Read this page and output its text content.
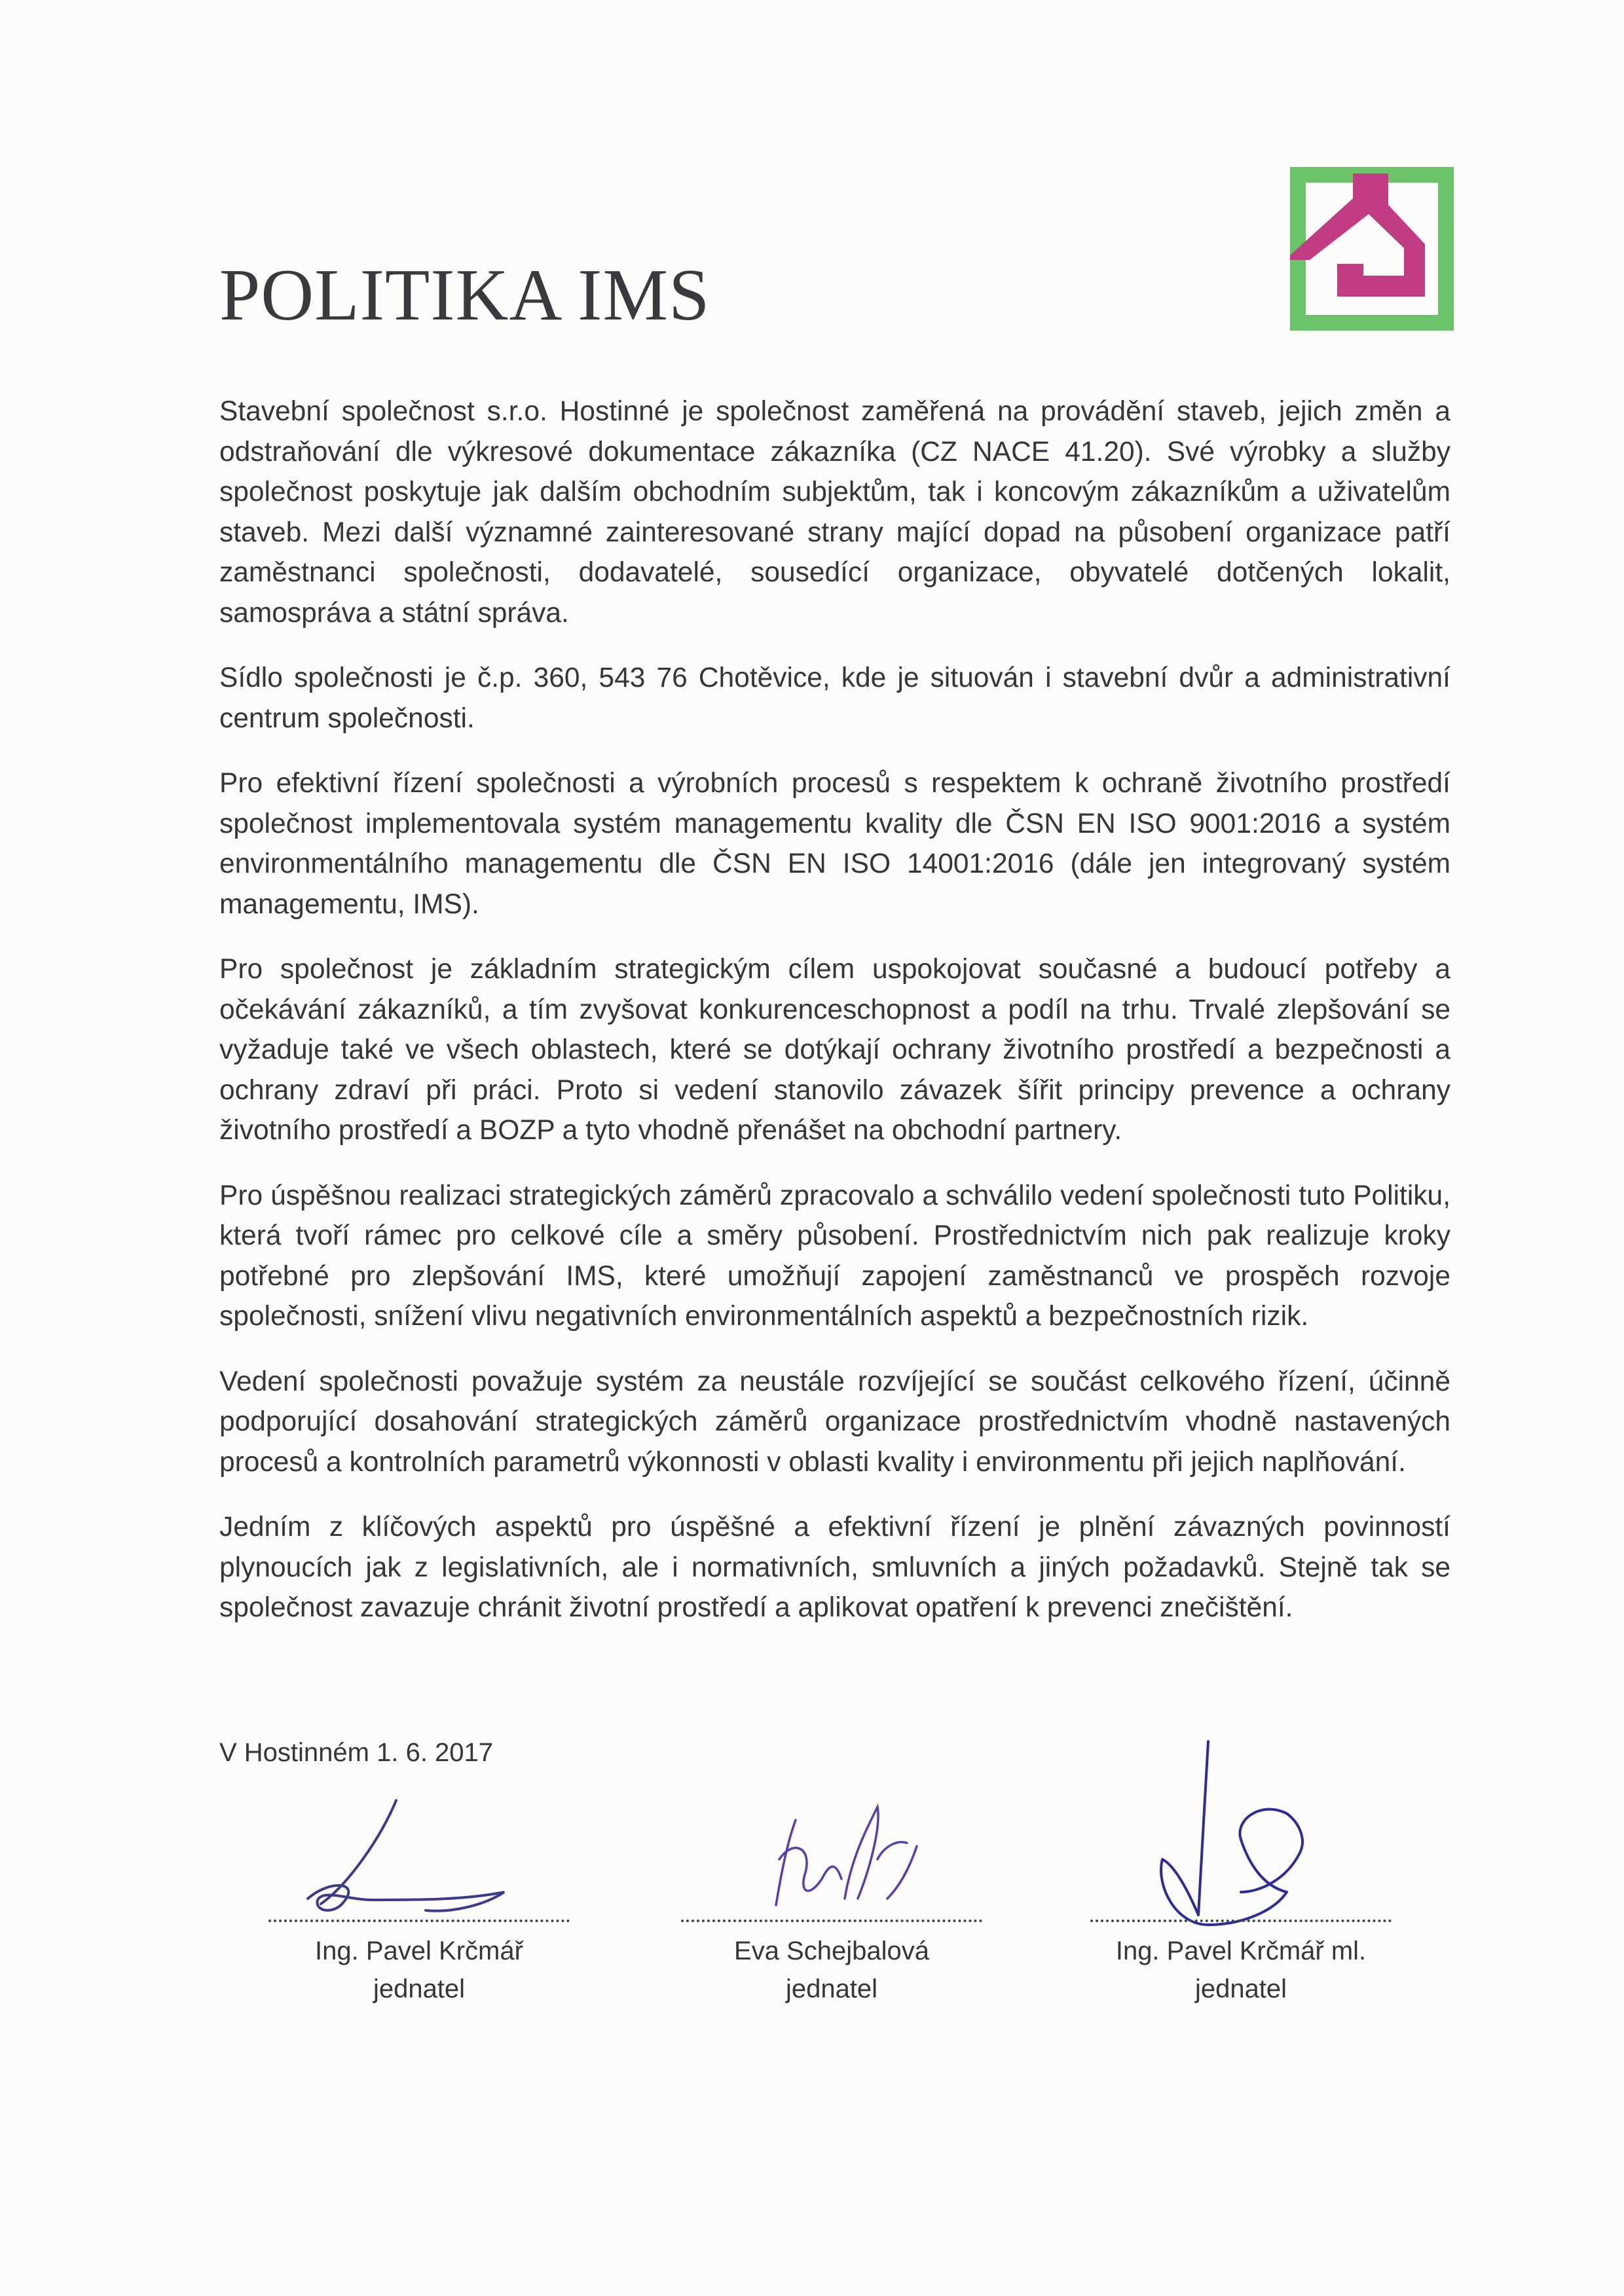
POLITIKA IMS

Stavební společnost s.r.o. Hostinné je společnost zaměřená na provádění staveb, jejich změn a odstraňování dle výkresové dokumentace zákazníka (CZ NACE 41.20). Své výrobky a služby společnost poskytuje jak dalším obchodním subjektům, tak i koncovým zákazníkům a uživatelům staveb. Mezi další významné zainteresované strany mající dopad na působení organizace patří zaměstnanci společnosti, dodavatelé, sousedící organizace, obyvatelé dotčených lokalit, samospráva a státní správa.

Sídlo společnosti je č.p. 360, 543 76 Chotěvice, kde je situován i stavební dvůr a administrativní centrum společnosti.

Pro efektivní řízení společnosti a výrobních procesů s respektem k ochraně životního prostředí společnost implementovala systém managementu kvality dle ČSN EN ISO 9001:2016 a systém environmentálního managementu dle ČSN EN ISO 14001:2016 (dále jen integrovaný systém managementu, IMS).

Pro společnost je základním strategickým cílem uspokojovat současné a budoucí potřeby a očekávání zákazníků, a tím zvyšovat konkurenceschopnost a podíl na trhu. Trvalé zlepšování se vyžaduje také ve všech oblastech, které se dotýkají ochrany životního prostředí a bezpečnosti a ochrany zdraví při práci. Proto si vedení stanovilo závazek šířit principy prevence a ochrany životního prostředí a BOZP a tyto vhodně přenášet na obchodní partnery.

Pro úspěšnou realizaci strategických záměrů zpracovalo a schválilo vedení společnosti tuto Politiku, která tvoří rámec pro celkové cíle a směry působení. Prostřednictvím nich pak realizuje kroky potřebné pro zlepšování IMS, které umožňují zapojení zaměstnanců ve prospěch rozvoje společnosti, snížení vlivu negativních environmentálních aspektů a bezpečnostních rizik.

Vedení společnosti považuje systém za neustále rozvíjející se součást celkového řízení, účinně podporující dosahování strategických záměrů organizace prostřednictvím vhodně nastavených procesů a kontrolních parametrů výkonnosti v oblasti kvality i environmentu při jejich naplňování.

Jedním z klíčových aspektů pro úspěšné a efektivní řízení je plnění závazných povinností plynoucích jak z legislativních, ale i normativních, smluvních a jiných požadavků. Stejně tak se společnost zavazuje chránit životní prostředí a aplikovat opatření k prevenci znečištění.

V Hostinném 1. 6. 2017
Ing. Pavel Krčmář
jednatel
Eva Schejbalová
jednatel
Ing. Pavel Krčmář ml.
jednatel
